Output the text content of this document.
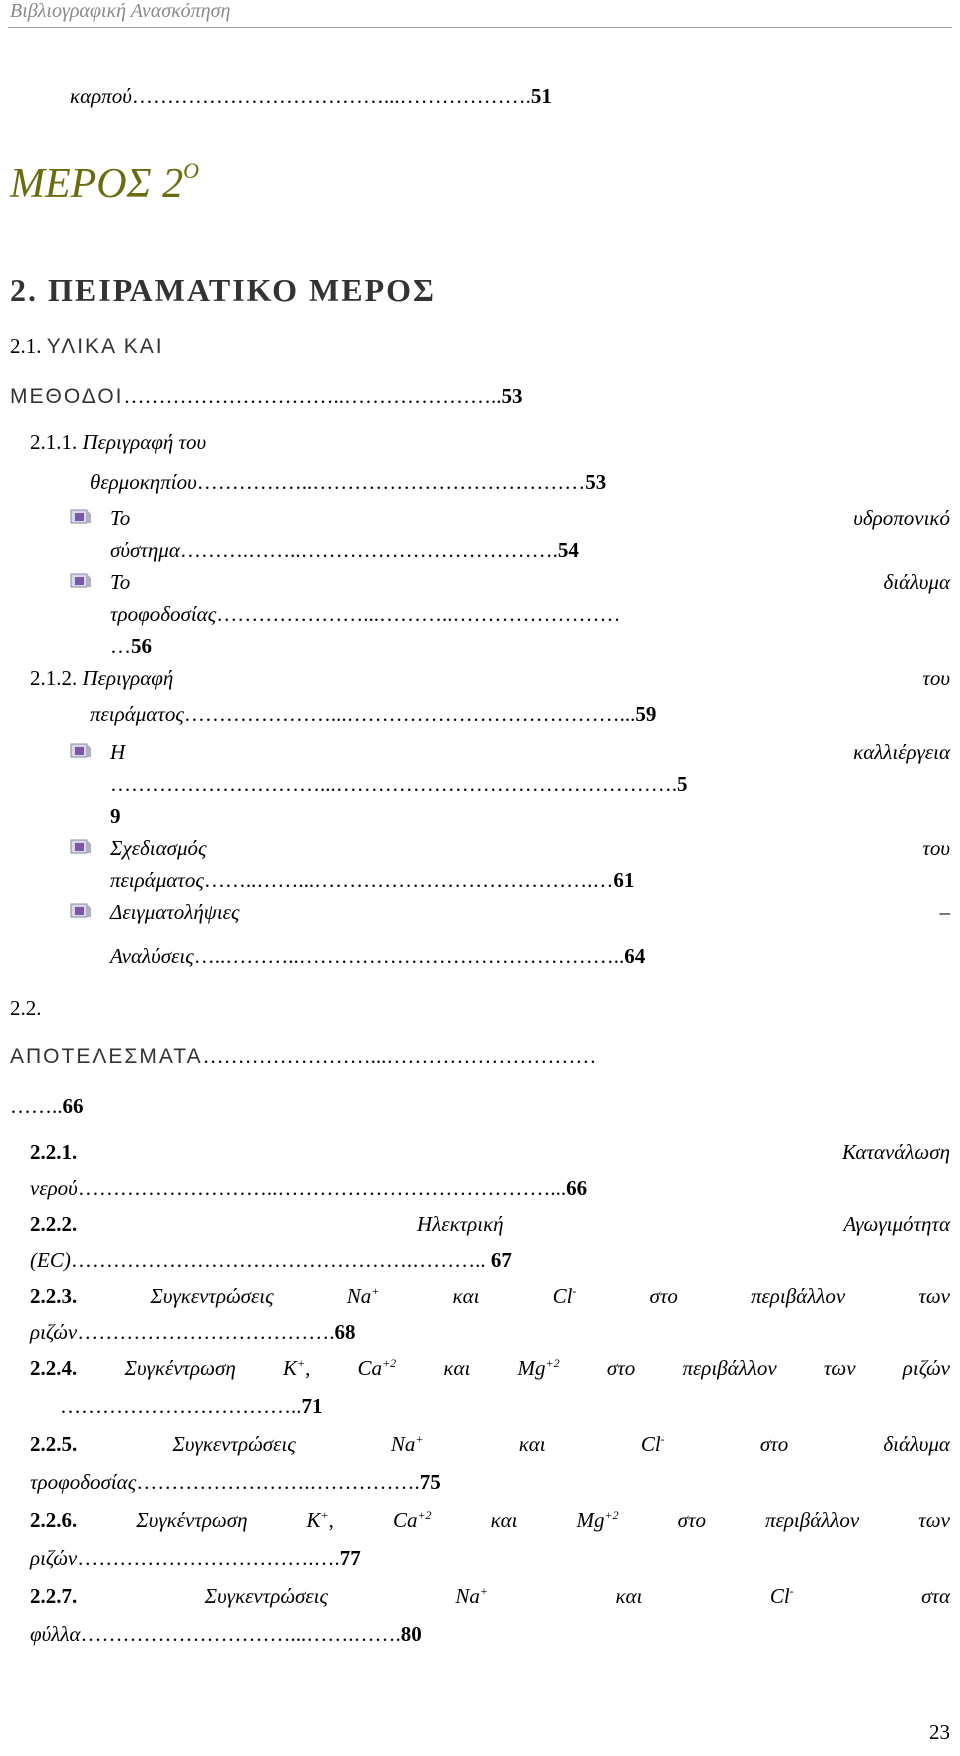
Βιβλιογραφική Ανασκόπηση
καρπού………………………………...……………….51
ΜΕΡΟΣ $2^O$
2. ΠΕΙΡΑΜΑΤΙΚΟ ΜΕΡΟΣ
2.1. ΥΛΙΚΑ ΚΑΙ
ΜΕΘΟΔΟΙ…………………………..…………………..53
2.1.1. Περιγραφή του
θερμοκηπίου……………..…………………………………53
Το	υδροπονικό
σύστημα……….……..……………………………….54
Το	διάλυμα
τροφοδοσίας…………………...………..……………………
…56
2.1.2. Περιγραφή	του
πειράματος…………………...…………………………………...59
Η	καλλιέργεια
…………………………...………………………………………….5
9
Σχεδιασμός	του
πειράματος……..……...………………………………….…61
Δειγματολήψιες	–
Αναλύσεις…..………..………………………………………..64
2.2.
ΑΠΟΤΕΛΕΣΜΑΤΑ……………………...…………………………
……..66
2.2.1.	Κατανάλωση
νερού………………………..…………………………………...66
2.2.2.	Ηλεκτρική	Αγωγιμότητα
(EC)………………………………………….……….. 67
2.2.3.	Συγκεντρώσεις	Na+	και	Cl-	στο	περιβάλλον	των
ριζών……………………………….68
2.2.4. Συγκέντρωση K+, $Ca^{+2}$ και $Mg^{+2}$ στο περιβάλλον των ριζών
……………………………..71
2.2.5.	Συγκεντρώσεις	Na+	και	Cl-	στο	διάλυμα
τροφοδοσίας…………………….…………….75
2.2.6.	Συγκέντρωση	K+,	$Ca^{+2}$	και	$Mg^{+2}$	στο	περιβάλλον	των
ριζών…………………………….….77
2.2.7.	Συγκεντρώσεις	Na+	και	Cl-	στα
φύλλα…………………………...…….…….80
23
